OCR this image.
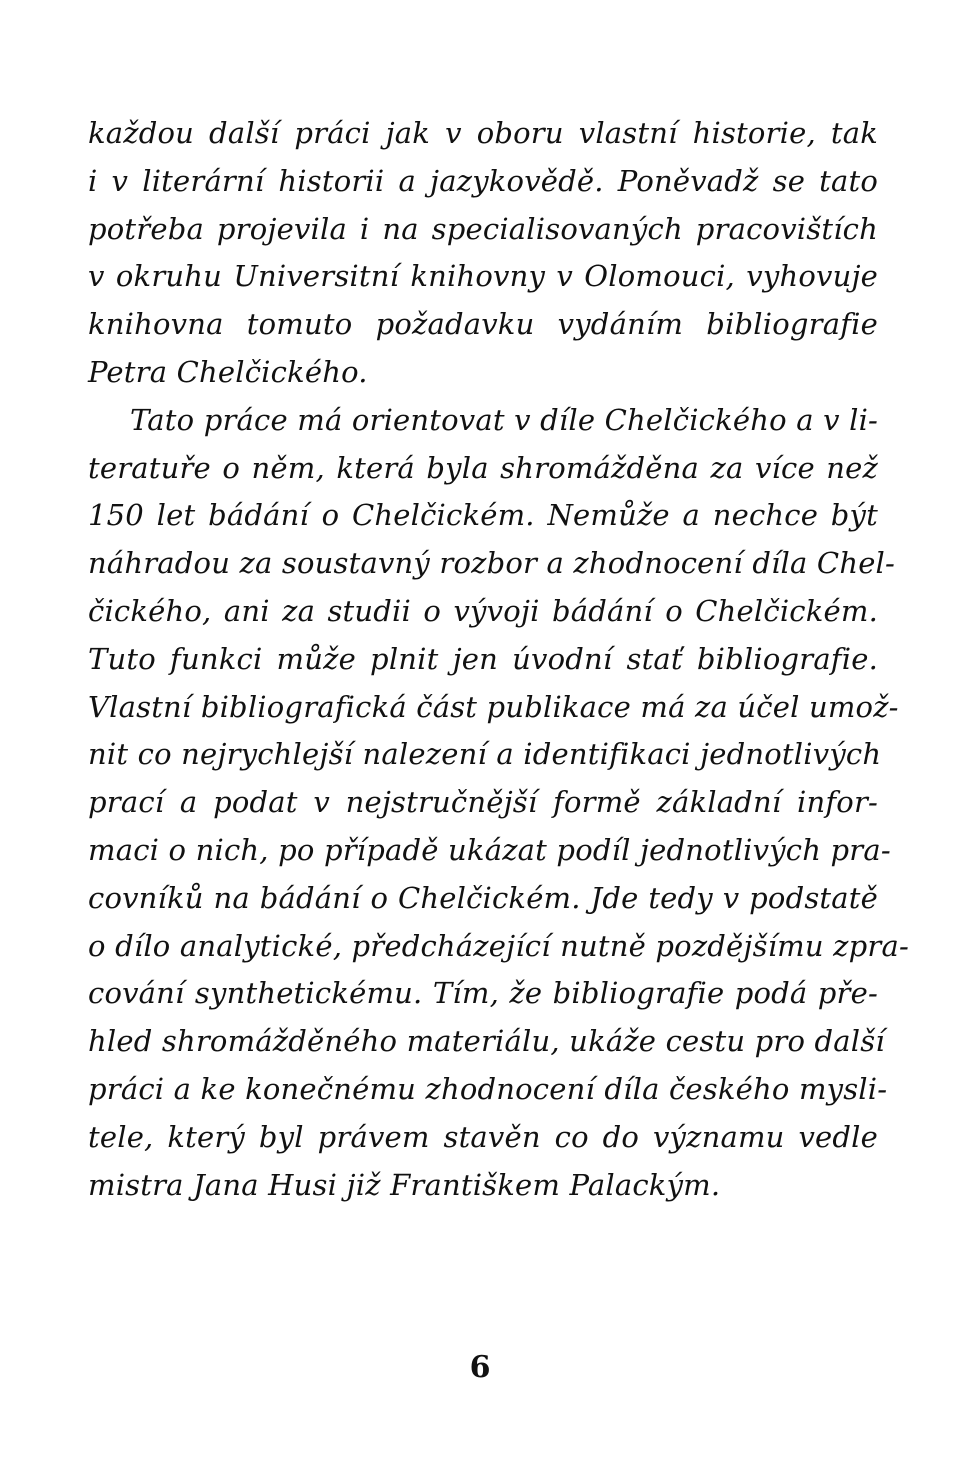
každou další práci jak v oboru vlastní historie, tak
i v literární historii a jazykovědě. Poněvadž se tato
potřeba projevila i na specialisovaných pracovištích
v okruhu Universitní knihovny v Olomouci, vyhovuje
knihovna tomuto požadavku vydáním bibliografie
Petra Chelčického.
Tato práce má orientovat v díle Chelčického a v li-
teratuře o něm, která byla shromážděna za více než
150 let bádání o Chelčickém. Nemůže a nechce být
náhradou za soustavný rozbor a zhodnocení díla Chel-
čického, ani za studii o vývoji bádání o Chelčickém.
Tuto funkci může plnit jen úvodní stať bibliografie.
Vlastní bibliografická část publikace má za účel umož-
nit co nejrychlejší nalezení a identifikaci jednotlivých
prací a podat v nejstručnější formě základní infor-
maci o nich, po případě ukázat podíl jednotlivých pra-
covníků na bádání o Chelčickém. Jde tedy v podstatě
o dílo analytické, předcházející nutně pozdějšímu zpra-
cování synthetickému. Tím, že bibliografie podá pře-
hled shromážděného materiálu, ukáže cestu pro další
práci a ke konečnému zhodnocení díla českého mysli-
tele, který byl právem stavěn co do významu vedle
mistra Jana Husi již Františkem Palackým.
6
